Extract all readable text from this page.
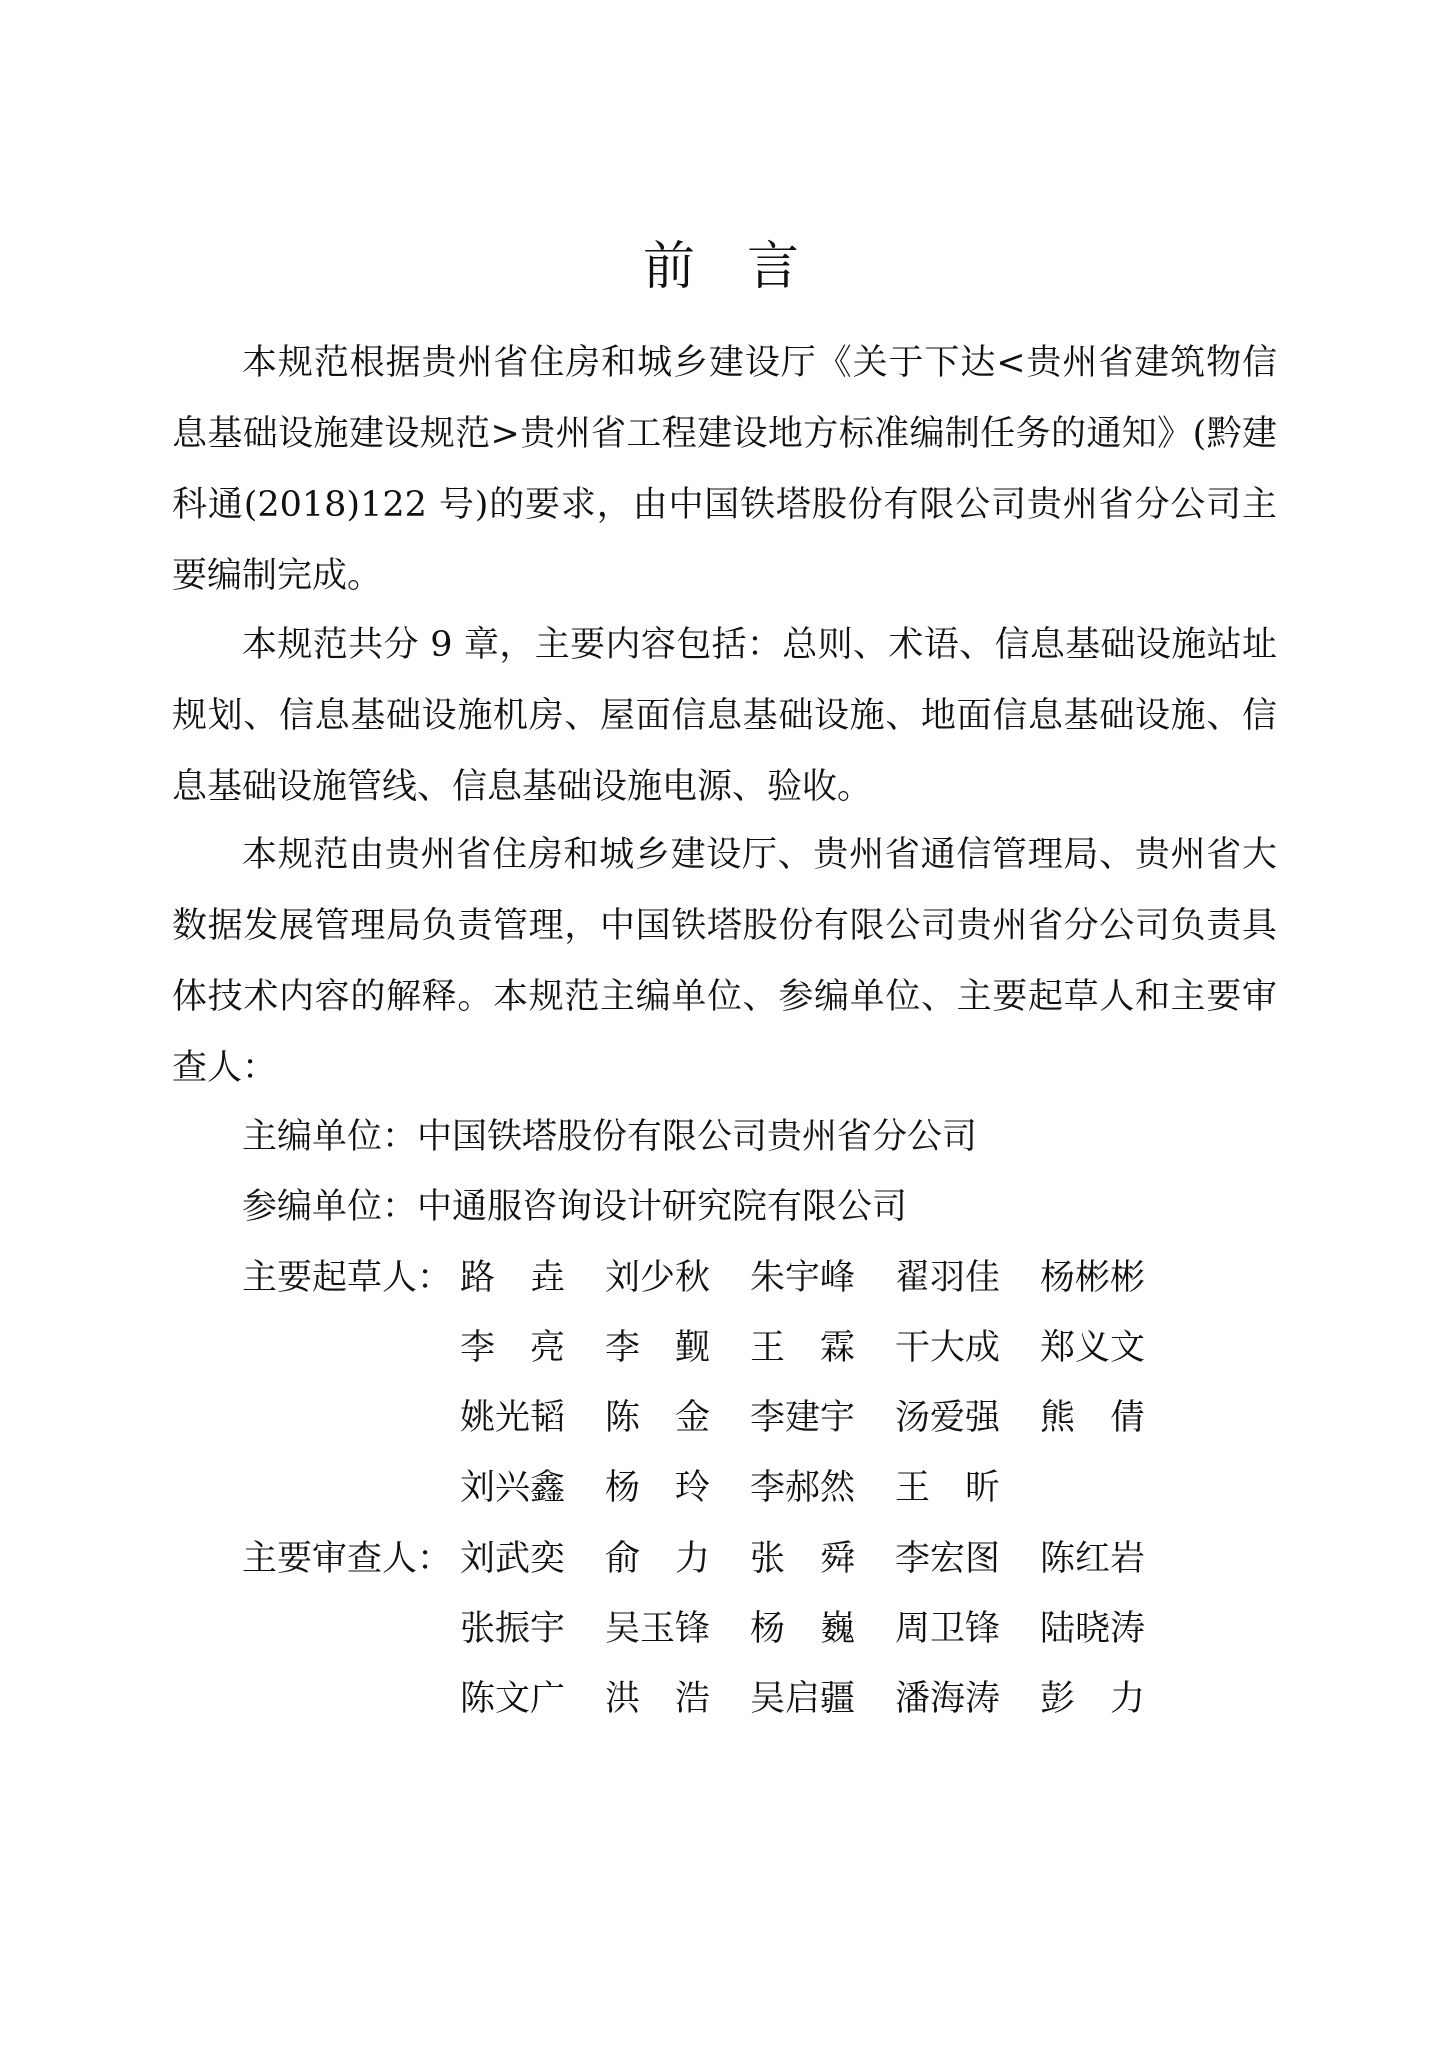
前言

本规范根据贵州省住房和城乡建设厅《关于下达<贵州省建筑物信息基础设施建设规范>贵州省工程建设地方标准编制任务的通知》(黔建科通(2018)122 号)的要求，由中国铁塔股份有限公司贵州省分公司主要编制完成。

本规范共分 9 章，主要内容包括：总则、术语、信息基础设施站址规划、信息基础设施机房、屋面信息基础设施、地面信息基础设施、信息基础设施管线、信息基础设施电源、验收。

本规范由贵州省住房和城乡建设厅、贵州省通信管理局、贵州省大数据发展管理局负责管理，中国铁塔股份有限公司贵州省分公司负责具体技术内容的解释。本规范主编单位、参编单位、主要起草人和主要审查人：

主编单位：中国铁塔股份有限公司贵州省分公司
参编单位：中通服咨询设计研究院有限公司
主要起草人： 路垚 刘少秋 朱宇峰 翟羽佳 杨彬彬
李亮 李觐 王霖 干大成 郑义文
姚光韬 陈金 李建宇 汤爱强 熊倩
刘兴鑫 杨玲 李郝然 王昕
主要审查人： 刘武奕 俞力 张舜 李宏图 陈红岩
张振宇 吴玉锋 杨巍 周卫锋 陆晓涛
陈文广 洪浩 吴启疆 潘海涛 彭力
